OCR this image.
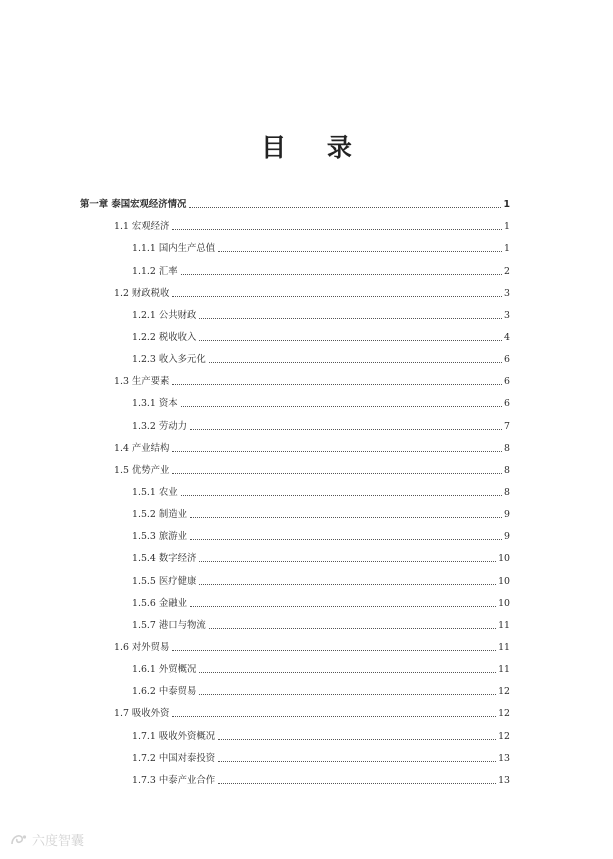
目 录
第一章 泰国宏观经济情况	1
1.1 宏观经济	1
1.1.1 国内生产总值	1
1.1.2 汇率	2
1.2 财政税收	3
1.2.1 公共财政	3
1.2.2 税收收入	4
1.2.3 收入多元化	6
1.3 生产要素	6
1.3.1 资本	6
1.3.2 劳动力	7
1.4 产业结构	8
1.5 优势产业	8
1.5.1 农业	8
1.5.2 制造业	9
1.5.3 旅游业	9
1.5.4 数字经济	10
1.5.5 医疗健康	10
1.5.6 金融业	10
1.5.7 港口与物流	11
1.6 对外贸易	11
1.6.1 外贸概况	11
1.6.2 中泰贸易	12
1.7 吸收外资	12
1.7.1 吸收外资概况	12
1.7.2 中国对泰投资	13
1.7.3 中泰产业合作	13
六度智囊
